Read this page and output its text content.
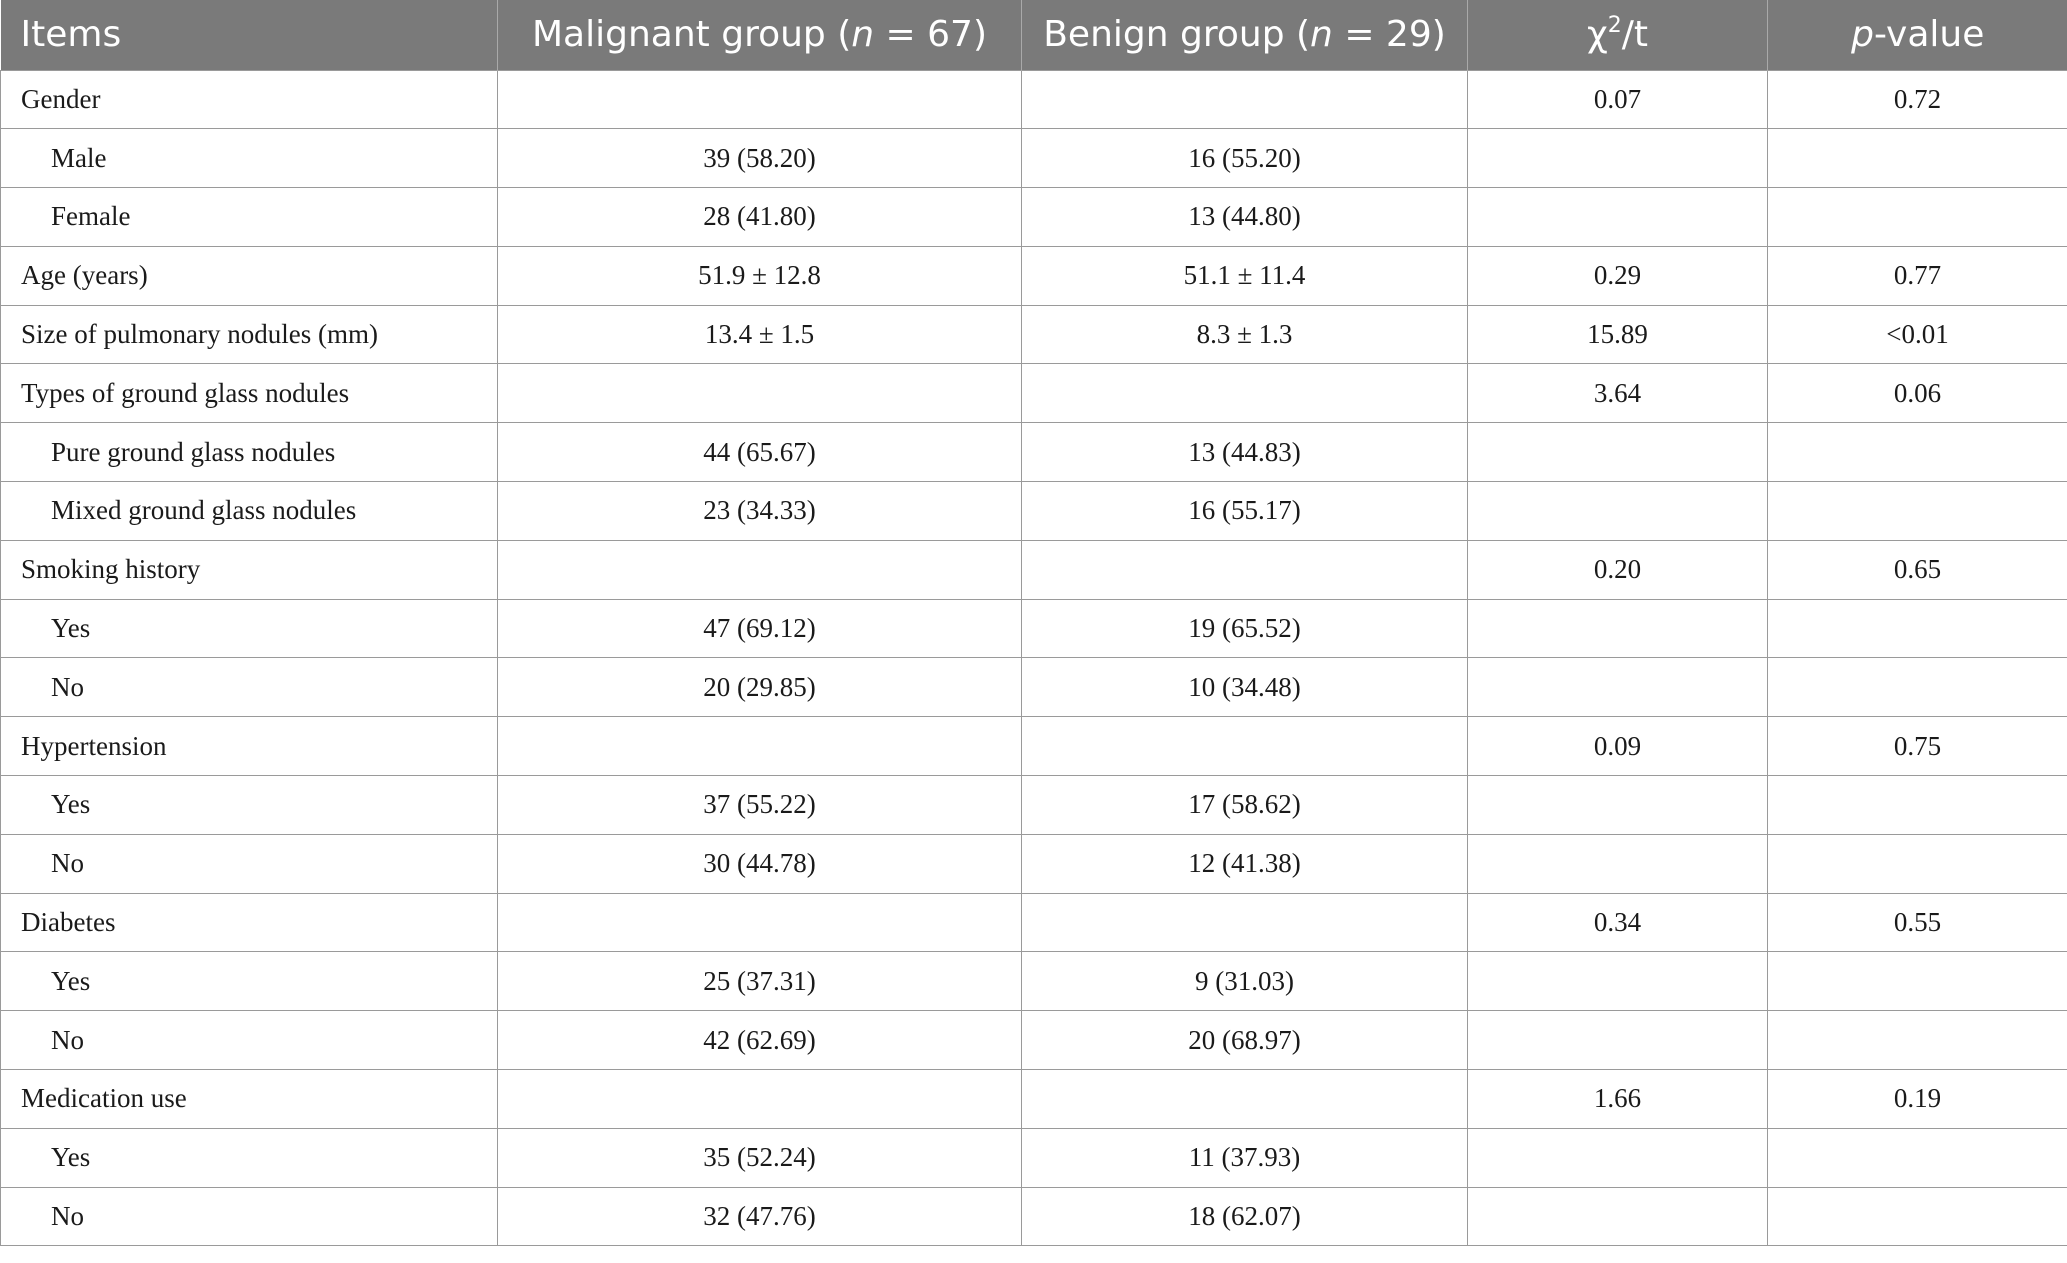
Items	Malignant group (n = 67)	Benign group (n = 29)	$\chi^2/t$	p-value
Gender			0.07	0.72
Male	39 (58.20)	16 (55.20)		
Female	28 (41.80)	13 (44.80)		
Age (years)	51.9 ± 12.8	51.1 ± 11.4	0.29	0.77
Size of pulmonary nodules (mm)	13.4 ± 1.5	8.3 ± 1.3	15.89	<0.01
Types of ground glass nodules			3.64	0.06
Pure ground glass nodules	44 (65.67)	13 (44.83)		
Mixed ground glass nodules	23 (34.33)	16 (55.17)		
Smoking history			0.20	0.65
Yes	47 (69.12)	19 (65.52)		
No	20 (29.85)	10 (34.48)		
Hypertension			0.09	0.75
Yes	37 (55.22)	17 (58.62)		
No	30 (44.78)	12 (41.38)		
Diabetes			0.34	0.55
Yes	25 (37.31)	9 (31.03)		
No	42 (62.69)	20 (68.97)		
Medication use			1.66	0.19
Yes	35 (52.24)	11 (37.93)		
No	32 (47.76)	18 (62.07)		
